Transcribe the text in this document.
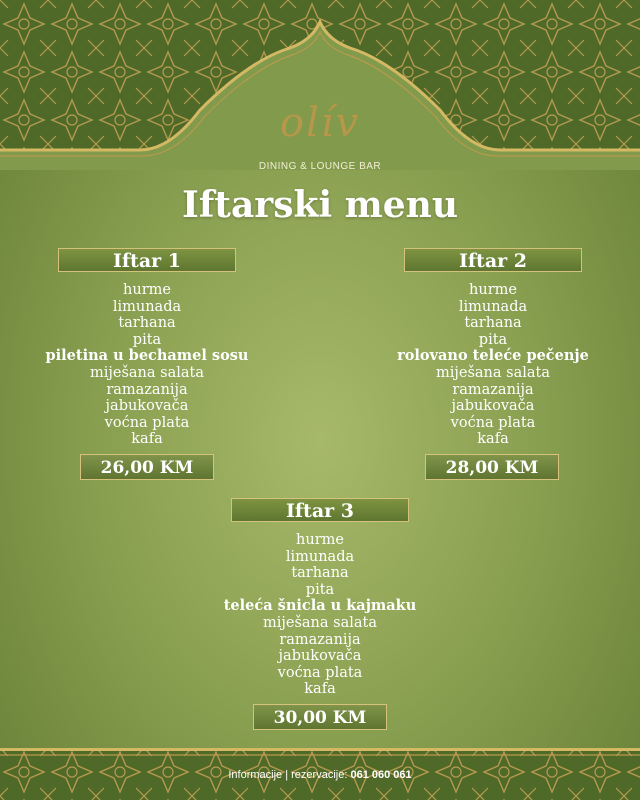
olív
DINING & LOUNGE BAR
Iftarski menu
Iftar 1
hurme
limunada
tarhana
pita
piletina u bechamel sosu
miješana salata
ramazanija
jabukovača
voćna plata
kafa
26,00 KM
Iftar 2
hurme
limunada
tarhana
pita
rolovano teleće pečenje
miješana salata
ramazanija
jabukovača
voćna plata
kafa
28,00 KM
Iftar 3
hurme
limunada
tarhana
pita
teleća šnicla u kajmaku
miješana salata
ramazanija
jabukovača
voćna plata
kafa
30,00 KM
Informacije | rezervacije: 061 060 061
